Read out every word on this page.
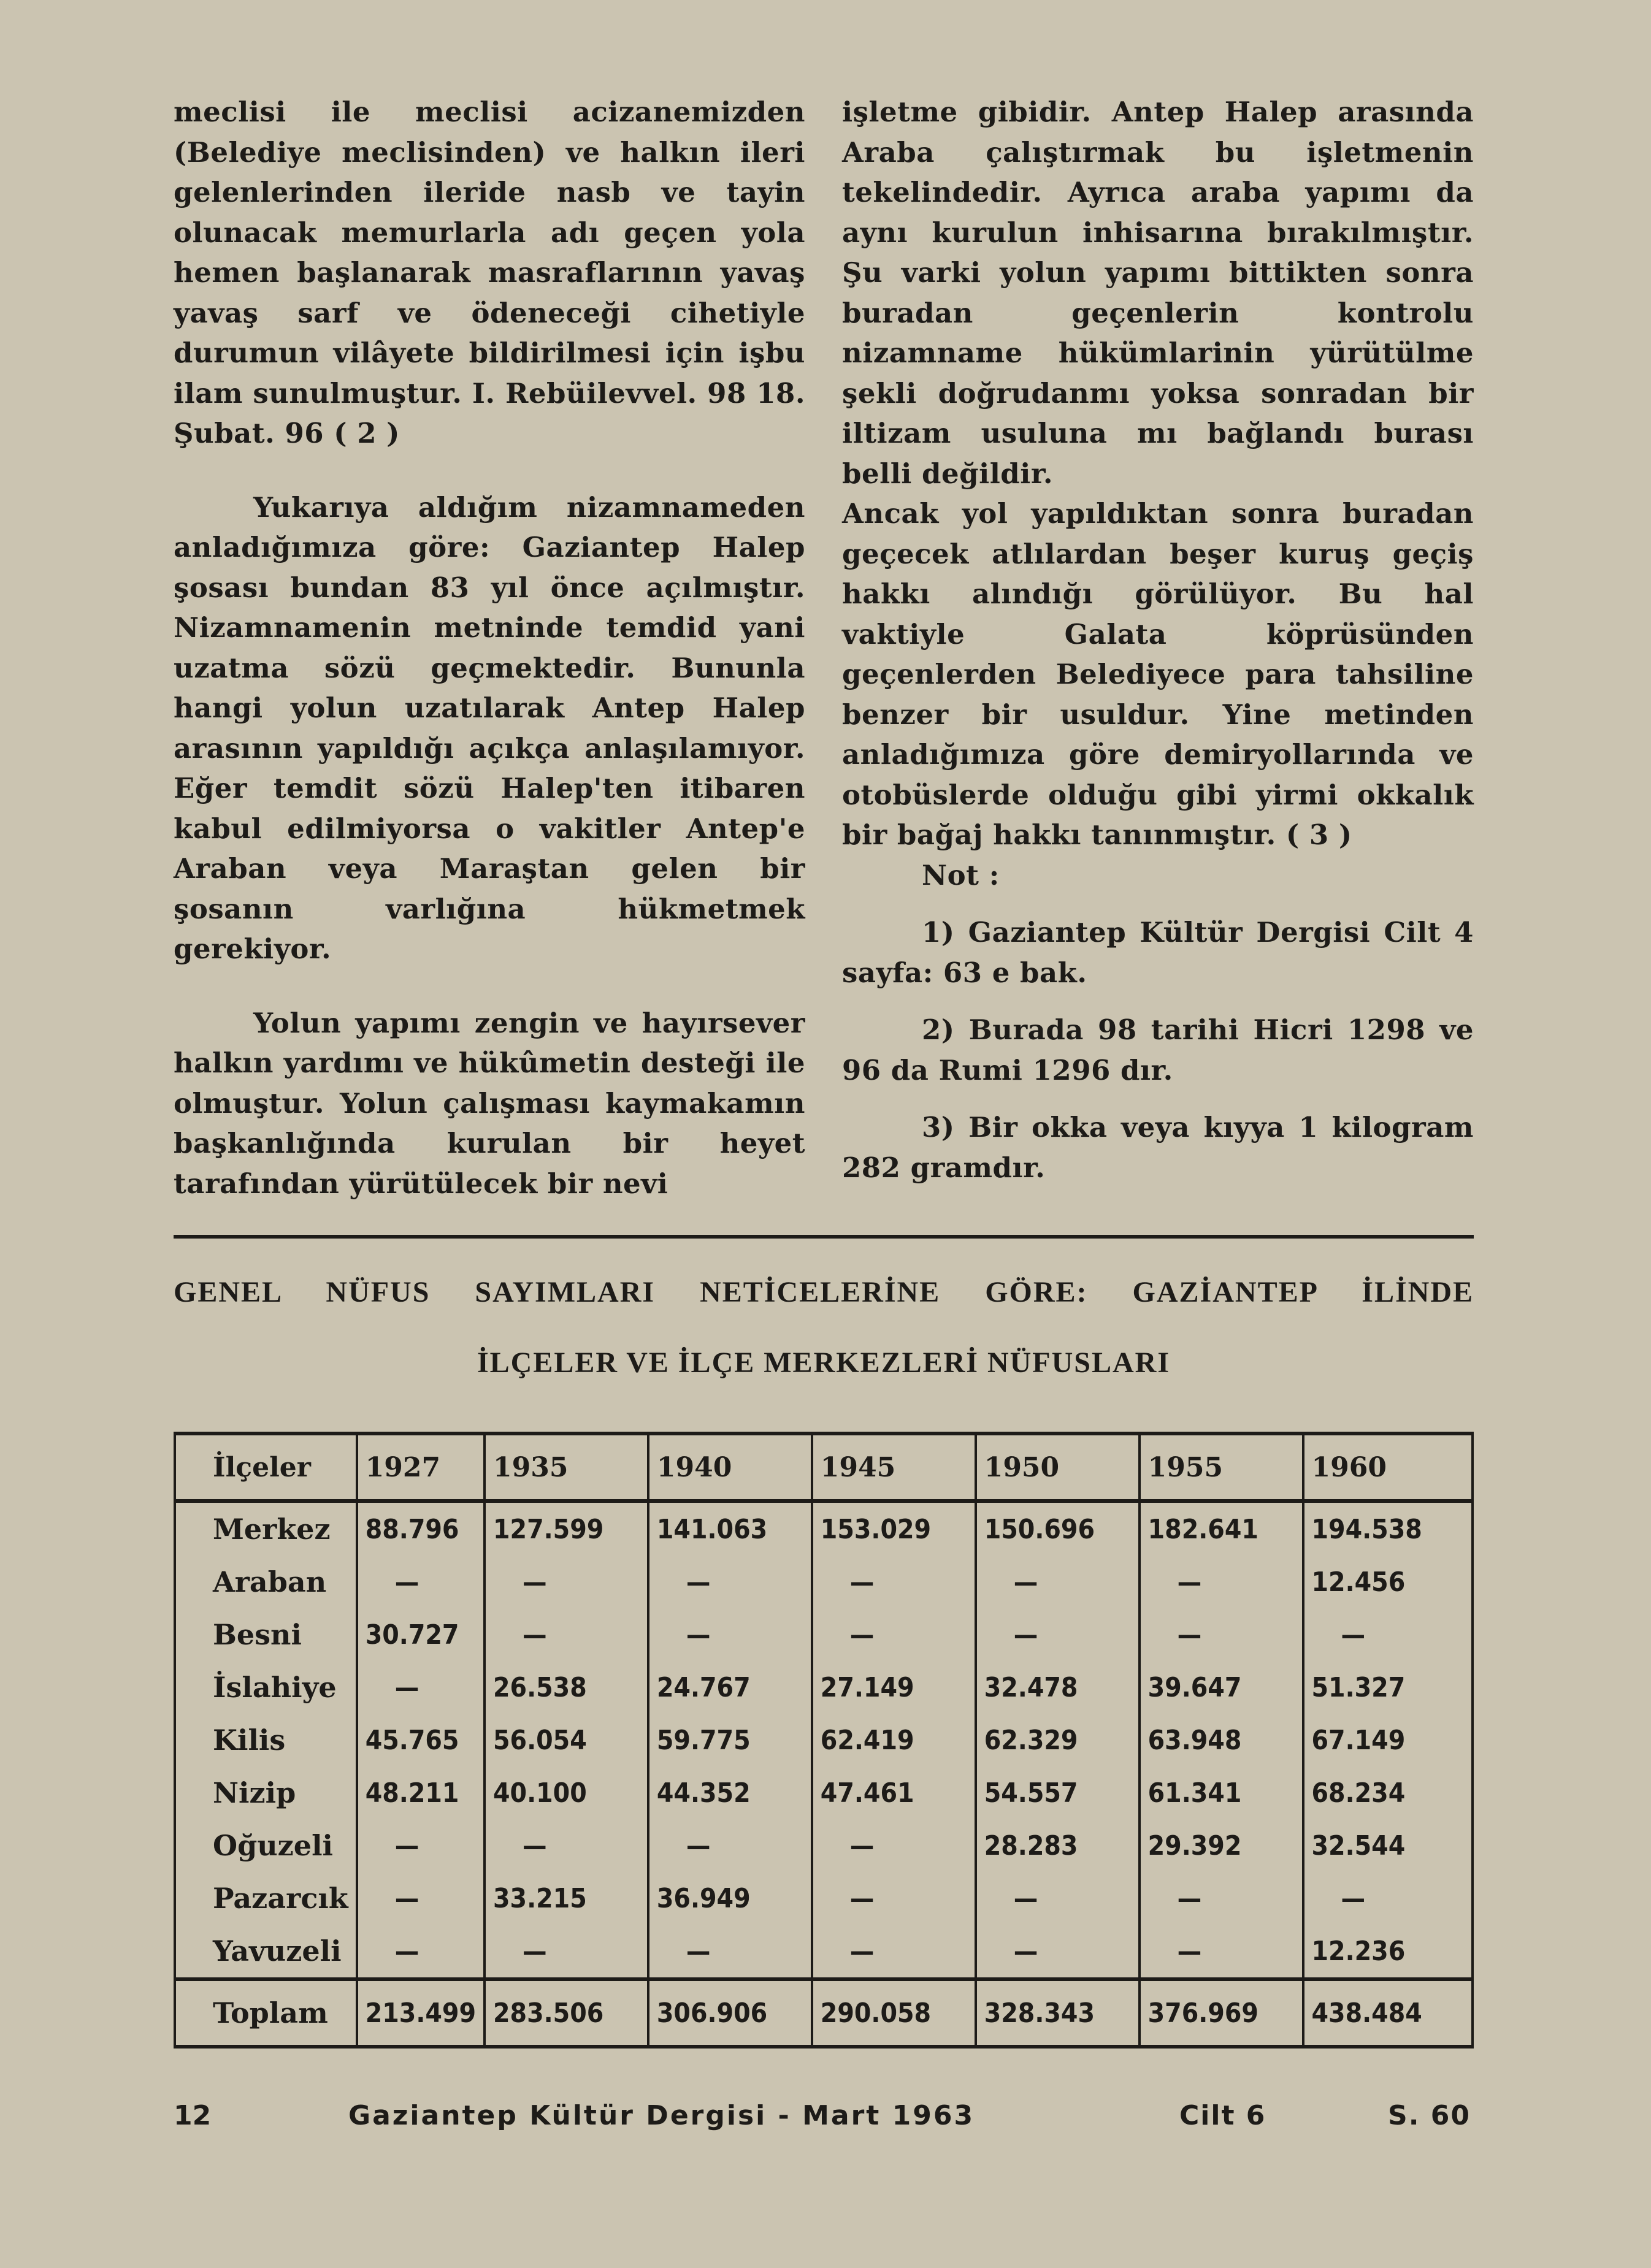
meclisi ile meclisi acizanemizden (Belediye meclisinden) ve halkın ileri gelenlerinden ileride nasb ve tayin olunacak memurlarla adı geçen yola hemen başlanarak masraflarının yavaş yavaş sarf ve ödeneceği cihetiyle durumun vilâyete bildirilmesi için işbu ilam sunulmuştur. I. Rebüilevvel. 98 18. Şubat. 96 ( 2 )

Yukarıya aldığım nizamnameden anladığımıza göre: Gaziantep Halep şosası bundan 83 yıl önce açılmıştır. Nizamnamenin metninde temdid yani uzatma sözü geçmektedir. Bununla hangi yolun uzatılarak Antep Halep arasının yapıldığı açıkça anlaşılamıyor. Eğer temdit sözü Halep'ten itibaren kabul edilmiyorsa o vakitler Antep'e Araban veya Maraştan gelen bir şosanın varlığına hükmetmek gerekiyor.

Yolun yapımı zengin ve hayırsever halkın yardımı ve hükûmetin desteği ile olmuştur. Yolun çalışması kaymakamın başkanlığında kurulan bir heyet tarafından yürütülecek bir nevi

işletme gibidir. Antep Halep arasında Araba çalıştırmak bu işletmenin tekelindedir. Ayrıca araba yapımı da aynı kurulun inhisarına bırakılmıştır. Şu varki yolun yapımı bittikten sonra buradan geçenlerin kontrolu nizamname hükümlarinin yürütülme şekli doğrudanmı yoksa sonradan bir iltizam usuluna mı bağlandı burası belli değildir.

Ancak yol yapıldıktan sonra buradan geçecek atlılardan beşer kuruş geçiş hakkı alındığı görülüyor. Bu hal vaktiyle Galata köprüsünden geçenlerden Belediyece para tahsiline benzer bir usuldur. Yine metinden anladığımıza göre demiryollarında ve otobüslerde olduğu gibi yirmi okkalık bir bağaj hakkı tanınmıştır. ( 3 )

Not :

1) Gaziantep Kültür Dergisi Cilt 4 sayfa: 63 e bak.

2) Burada 98 tarihi Hicri 1298 ve 96 da Rumi 1296 dır.

3) Bir okka veya kıyya 1 kilogram 282 gramdır.

GENEL NÜFUS SAYIMLARI NETİCELERİNE GÖRE: GAZİANTEP İLİNDE
İLÇELER VE İLÇE MERKEZLERİ NÜFUSLARI
İlçeler	1927	1935	1940	1945	1950	1955	1960
Merkez	88.796	127.599	141.063	153.029	150.696	182.641	194.538
Araban	—	—	—	—	—	—	12.456
Besni	30.727	—	—	—	—	—	—
İslahiye	—	26.538	24.767	27.149	32.478	39.647	51.327
Kilis	45.765	56.054	59.775	62.419	62.329	63.948	67.149
Nizip	48.211	40.100	44.352	47.461	54.557	61.341	68.234
Oğuzeli	—	—	—	—	28.283	29.392	32.544
Pazarcık	—	33.215	36.949	—	—	—	—
Yavuzeli	—	—	—	—	—	—	12.236
Toplam	213.499	283.506	306.906	290.058	328.343	376.969	438.484
12	Gaziantep Kültür Dergisi - Mart 1963	Cilt 6	S. 60
